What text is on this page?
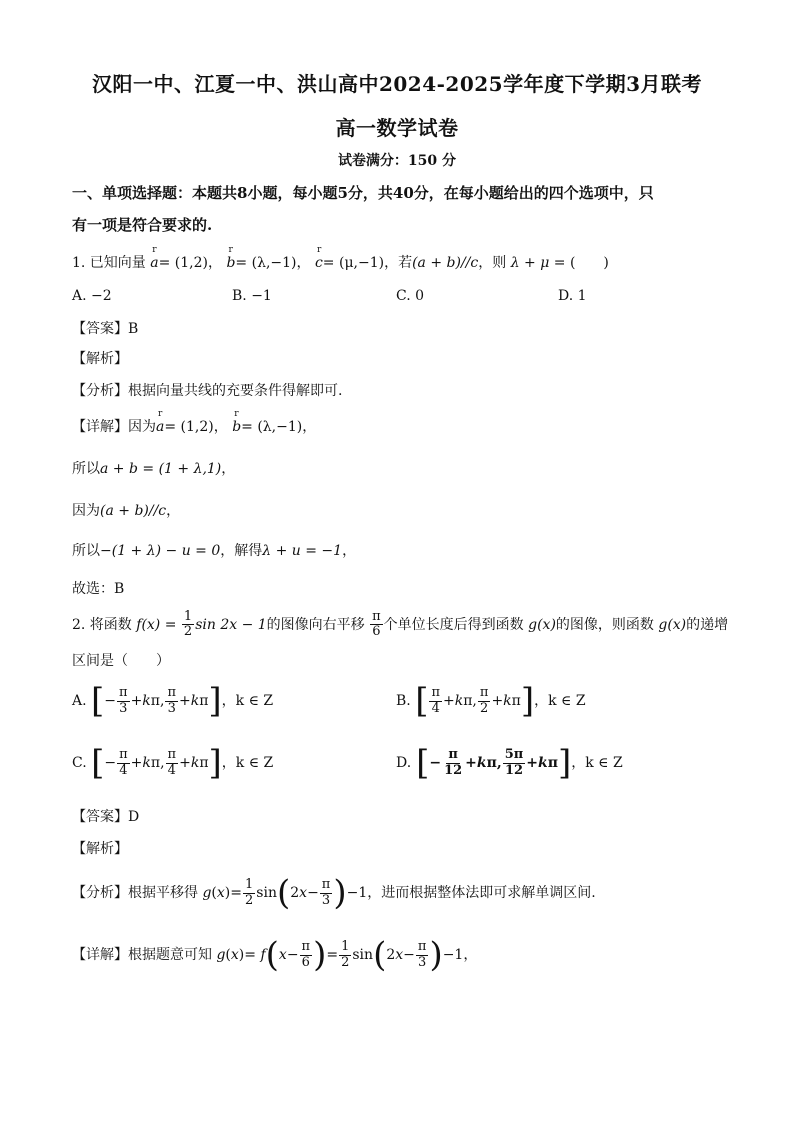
汉阳一中、江夏一中、洪山高中2024-2025学年度下学期3月联考
高一数学试卷
试卷满分：150 分
一、单项选择题：本题共8小题，每小题5分，共40分，在每小题给出的四个选项中，只
有一项是符合要求的.
1. 已知向量 r a= (1,2)， r b= (λ,−1)， r c= (μ,−1)，若(a + b)//c，则 λ + μ = (　　)
A. −2	B. −1	C. 0	D. 1
【答案】B
【解析】
【分析】根据向量共线的充要条件得解即可.
【详解】因为r a= (1,2)， r b= (λ,−1)，
所以a + b = (1 + λ,1)，
因为(a + b)//c，
所以−(1 + λ) − u = 0，解得λ + u = −1，
故选：B
2. 将函数 $f(x) = \frac{1}{2}$ sin 2x − 1的图像向右平移 $\frac{\pi}{6}$ 个单位长度后得到函数 g(x)的图像，则函数 g(x)的递增
区间是（　　）
A. [− $\frac{\pi}{3} +k\pi$, $\frac{\pi}{3} +k\pi$]，k ∈ Z	B. [ $\frac{\pi}{4} +k\pi$, $\frac{\pi}{2} +k\pi$]，k ∈ Z
C. [− $\frac{\pi}{4} +k\pi$, $\frac{\pi}{4} +k\pi$]，k ∈ Z	D. [− $\frac{\pi}{12} +k\pi$, $\frac{5\pi}{12} +k\pi$]，k ∈ Z
【答案】D
【解析】
【分析】根据平移得 $g(x)= \frac{1}{2} \sin(2x- \frac{\pi}{3} )-1$，进而根据整体法即可求解单调区间.
【详解】根据题意可知 $g(x)= f(x- \frac{\pi}{6}$ )= $\frac{1}{2} \sin(2x- \frac{\pi}{3} )-1$，
